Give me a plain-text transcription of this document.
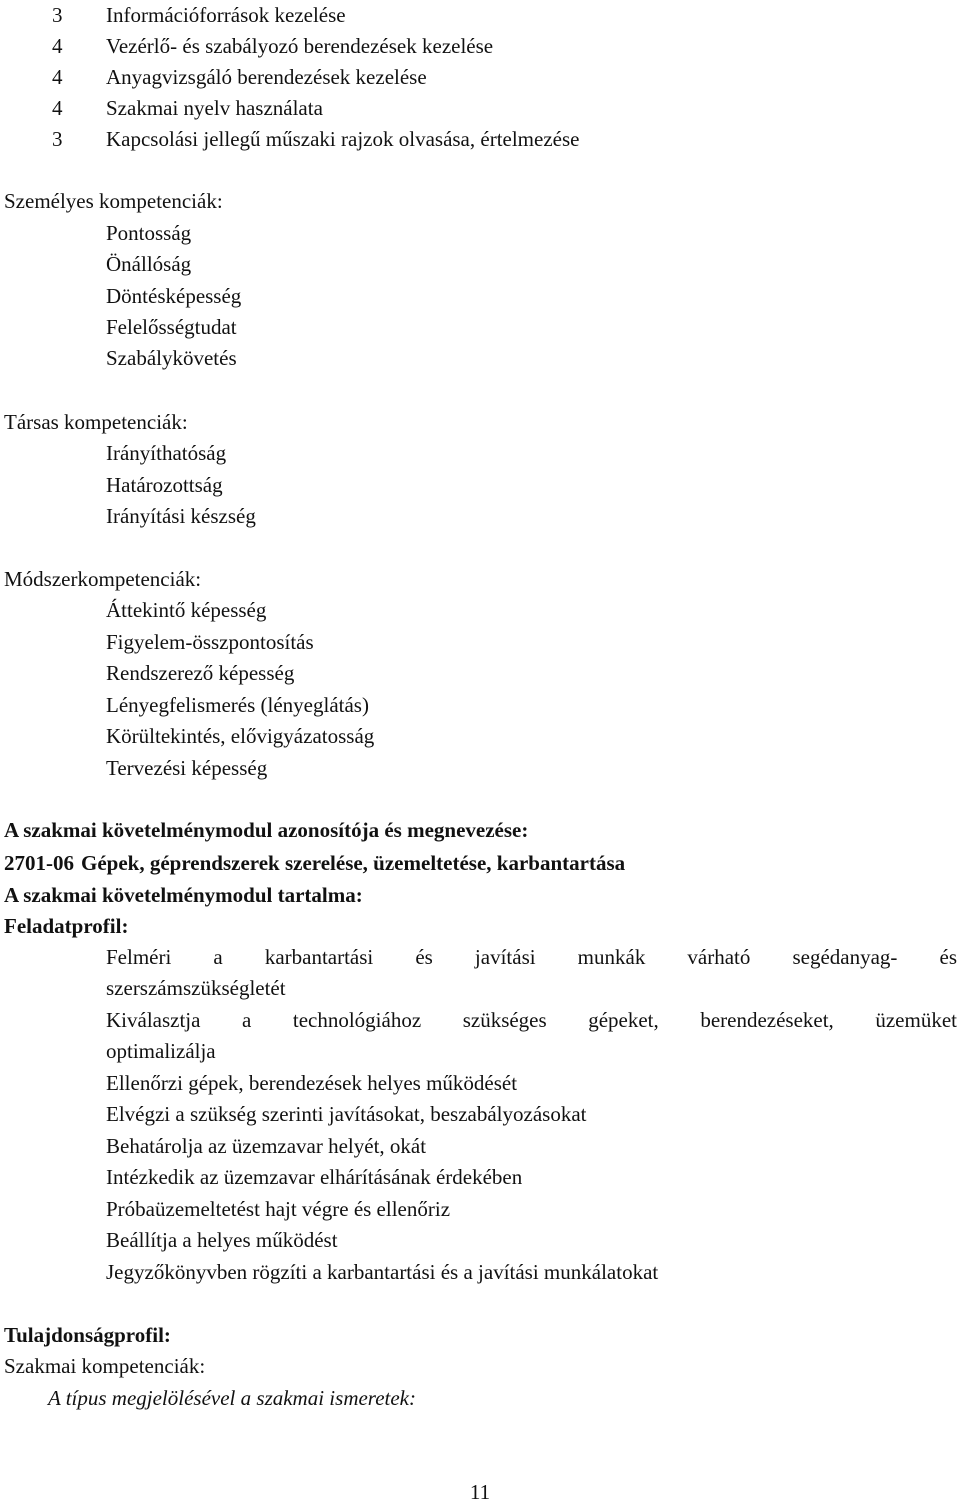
3	Információforrások kezelése
4	Vezérlő- és szabályozó berendezések kezelése
4	Anyagvizsgáló berendezések kezelése
4	Szakmai nyelv használata
3	Kapcsolási jellegű műszaki rajzok olvasása, értelmezése
Személyes kompetenciák:
Pontosság
Önállóság
Döntésképesség
Felelősségtudat
Szabálykövetés
Társas kompetenciák:
Irányíthatóság
Határozottság
Irányítási készség
Módszerkompetenciák:
Áttekintő képesség
Figyelem-összpontosítás
Rendszerező képesség
Lényegfelismerés (lényeglátás)
Körültekintés, elővigyázatosság
Tervezési képesség
A szakmai követelménymodul azonosítója és megnevezése:
2701-06 Gépek, géprendszerek szerelése, üzemeltetése, karbantartása
A szakmai követelménymodul tartalma:
Feladatprofil:
Felméri a karbantartási és javítási munkák várható segédanyag- és
szerszámszükségletét
Kiválasztja a technológiához szükséges gépeket, berendezéseket, üzemüket
optimalizálja
Ellenőrzi gépek, berendezések helyes működését
Elvégzi a szükség szerinti javításokat, beszabályozásokat
Behatárolja az üzemzavar helyét, okát
Intézkedik az üzemzavar elhárításának érdekében
Próbaüzemeltetést hajt végre és ellenőriz
Beállítja a helyes működést
Jegyzőkönyvben rögzíti a karbantartási és a javítási munkálatokat
Tulajdonságprofil:
Szakmai kompetenciák:
A típus megjelölésével a szakmai ismeretek:
11
